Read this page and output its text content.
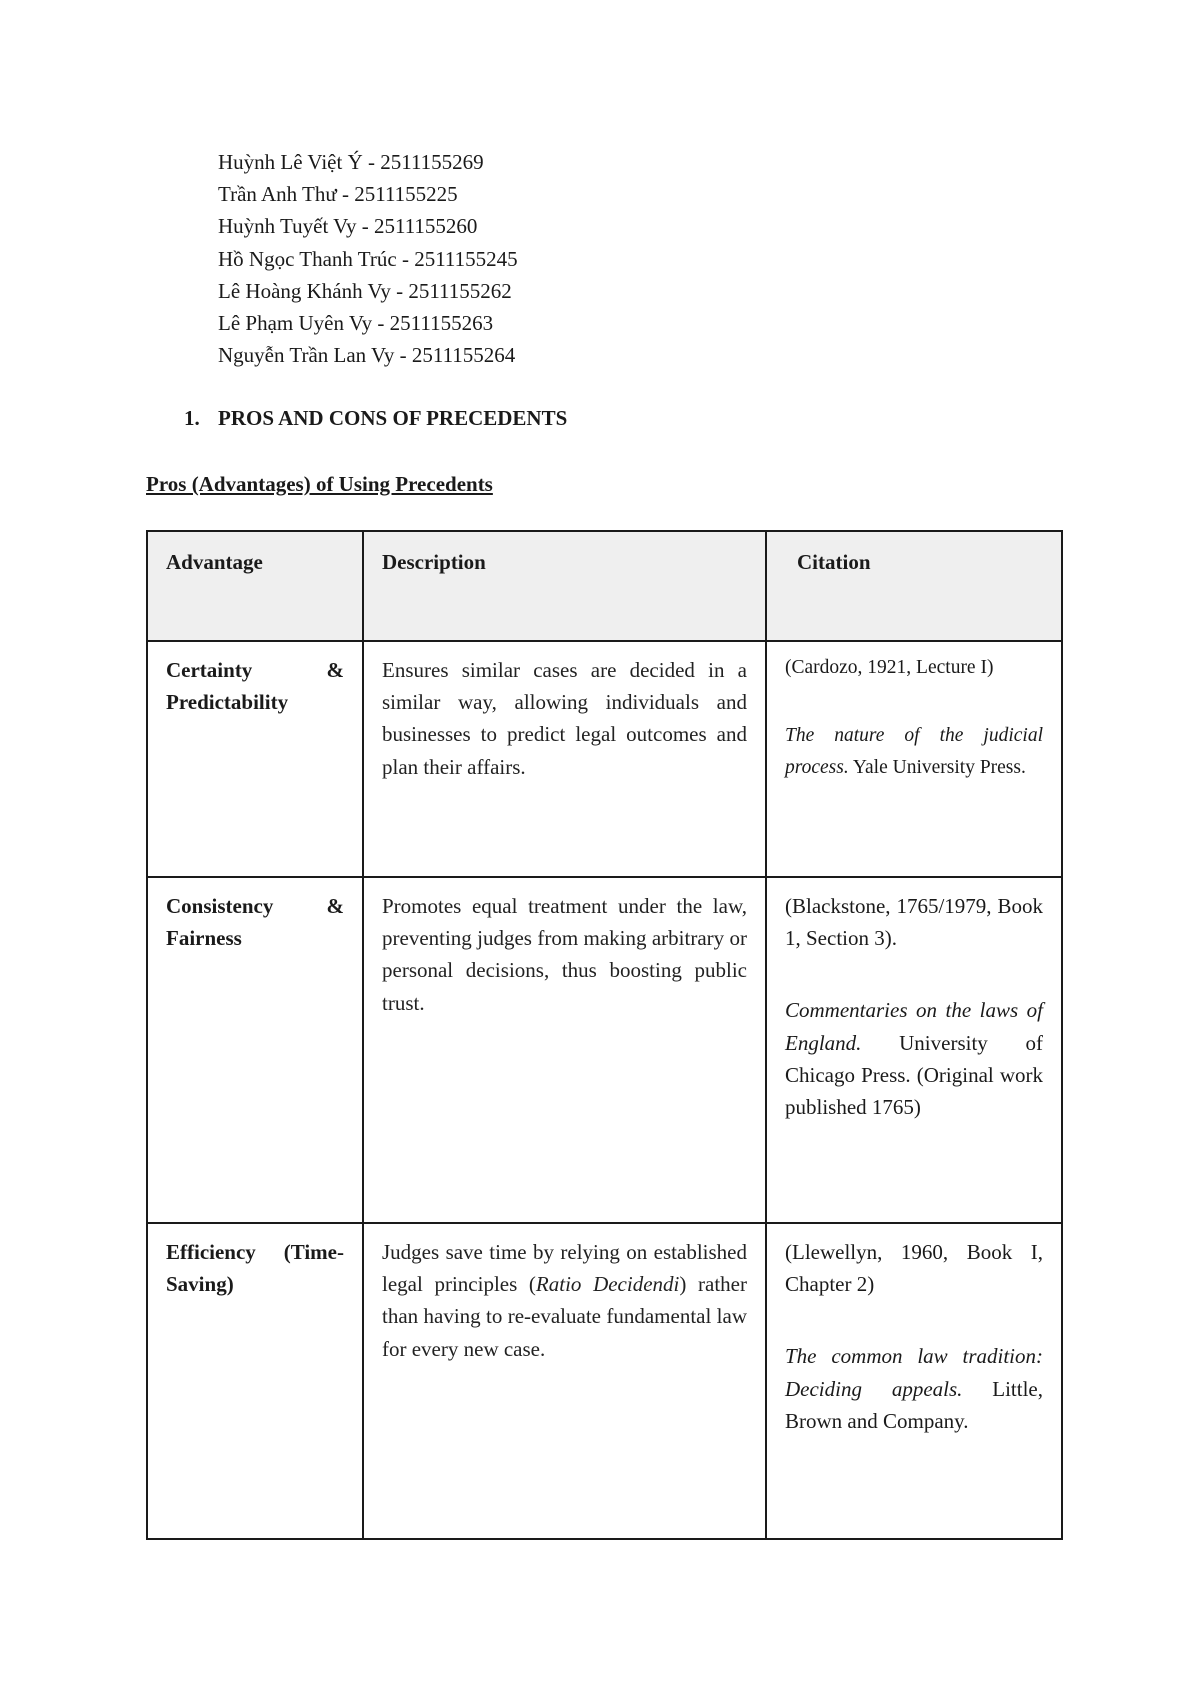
Huỳnh Lê Việt Ý - 2511155269
Trần Anh Thư - 2511155225
Huỳnh Tuyết Vy - 2511155260
Hồ Ngọc Thanh Trúc - 2511155245
Lê Hoàng Khánh Vy - 2511155262
Lê Phạm Uyên Vy - 2511155263
Nguyễn Trần Lan Vy - 2511155264
1. PROS AND CONS OF PRECEDENTS
Pros (Advantages) of Using Precedents
Advantage	Description	Citation
Certainty & Predictability	Ensures similar cases are decided in a similar way, allowing individuals and businesses to predict legal outcomes and plan their affairs.	(Cardozo, 1921, Lecture I)
The nature of the judicial process. Yale University Press.
Consistency & Fairness	Promotes equal treatment under the law, preventing judges from making arbitrary or personal decisions, thus boosting public trust.	(Blackstone, 1765/1979, Book 1, Section 3).
Commentaries on the laws of England. University of Chicago Press. (Original work published 1765)
Efficiency (Time-Saving)	Judges save time by relying on established legal principles (Ratio Decidendi) rather than having to re-evaluate fundamental law for every new case.	(Llewellyn, 1960, Book I, Chapter 2)
The common law tradition: Deciding appeals. Little, Brown and Company.
